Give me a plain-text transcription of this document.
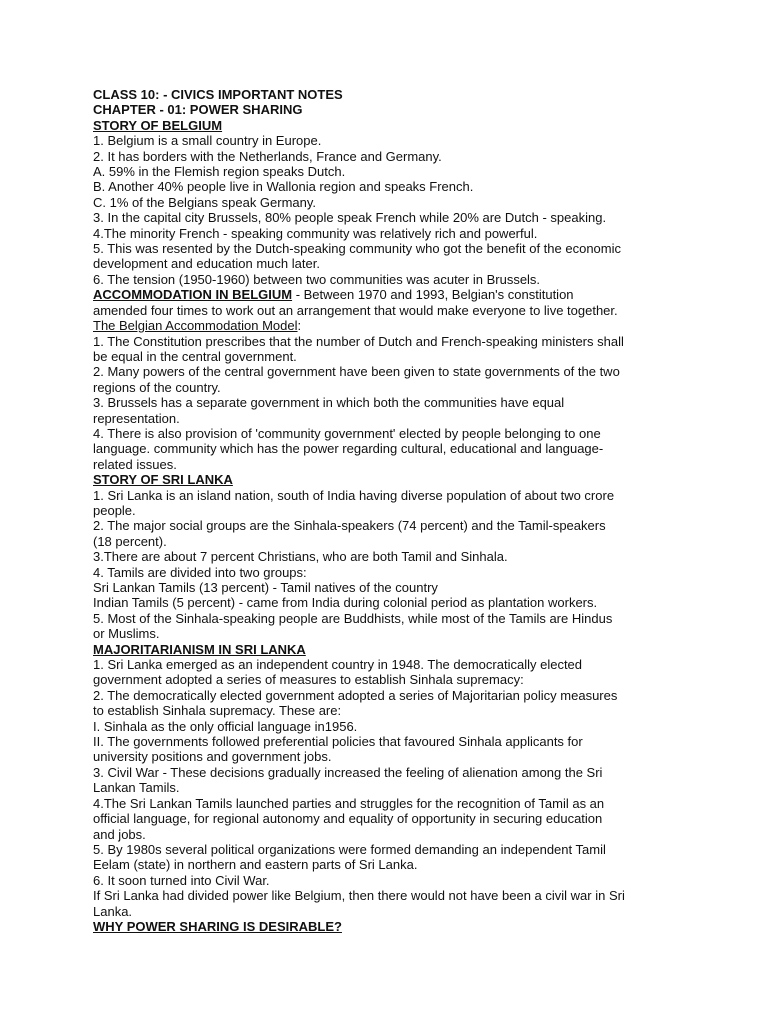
CLASS 10: - CIVICS IMPORTANT NOTES
CHAPTER - 01: POWER SHARING
STORY OF BELGIUM
1. Belgium is a small country in Europe.
2. It has borders with the Netherlands, France and Germany.
A. 59% in the Flemish region speaks Dutch.
B. Another 40% people live in Wallonia region and speaks French.
C. 1% of the Belgians speak Germany.
3. In the capital city Brussels, 80% people speak French while 20% are Dutch - speaking.
4.The minority French - speaking community was relatively rich and powerful.
5. This was resented by the Dutch-speaking community who got the benefit of the economic
development and education much later.
6. The tension (1950-1960) between two communities was acuter in Brussels.
ACCOMMODATION IN BELGIUM - Between 1970 and 1993, Belgian's constitution
amended four times to work out an arrangement that would make everyone to live together.
The Belgian Accommodation Model:
1. The Constitution prescribes that the number of Dutch and French-speaking ministers shall
be equal in the central government.
2. Many powers of the central government have been given to state governments of the two
regions of the country.
3. Brussels has a separate government in which both the communities have equal
representation.
4. There is also provision of 'community government' elected by people belonging to one
language. community which has the power regarding cultural, educational and language-
related issues.
STORY OF SRI LANKA
1. Sri Lanka is an island nation, south of India having diverse population of about two crore
people.
2. The major social groups are the Sinhala-speakers (74 percent) and the Tamil-speakers
(18 percent).
3.There are about 7 percent Christians, who are both Tamil and Sinhala.
4. Tamils are divided into two groups:
Sri Lankan Tamils (13 percent) - Tamil natives of the country
Indian Tamils (5 percent) - came from India during colonial period as plantation workers.
5. Most of the Sinhala-speaking people are Buddhists, while most of the Tamils are Hindus
or Muslims.
MAJORITARIANISM IN SRI LANKA
1. Sri Lanka emerged as an independent country in 1948. The democratically elected
government adopted a series of measures to establish Sinhala supremacy:
2. The democratically elected government adopted a series of Majoritarian policy measures
to establish Sinhala supremacy. These are:
I. Sinhala as the only official language in1956.
II. The governments followed preferential policies that favoured Sinhala applicants for
university positions and government jobs.
3. Civil War - These decisions gradually increased the feeling of alienation among the Sri
Lankan Tamils.
4.The Sri Lankan Tamils launched parties and struggles for the recognition of Tamil as an
official language, for regional autonomy and equality of opportunity in securing education
and jobs.
5. By 1980s several political organizations were formed demanding an independent Tamil
Eelam (state) in northern and eastern parts of Sri Lanka.
6. It soon turned into Civil War.
If Sri Lanka had divided power like Belgium, then there would not have been a civil war in Sri
Lanka.
WHY POWER SHARING IS DESIRABLE?
